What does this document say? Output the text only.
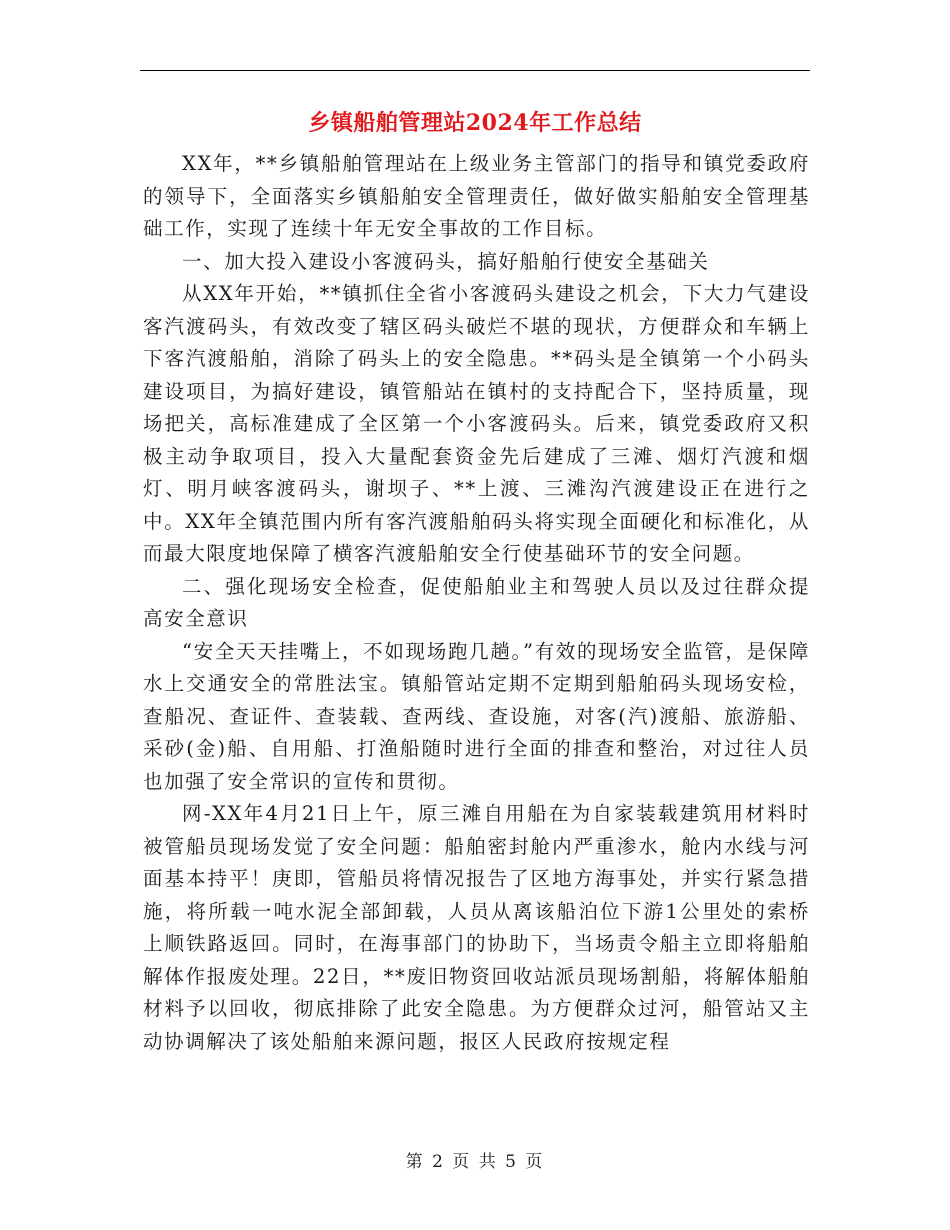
乡镇船舶管理站2024年工作总结

XX年，**乡镇船舶管理站在上级业务主管部门的指导和镇党委政府的领导下，全面落实乡镇船舶安全管理责任，做好做实船舶安全管理基础工作，实现了连续十年无安全事故的工作目标。

一、加大投入建设小客渡码头，搞好船舶行使安全基础关

从XX年开始，**镇抓住全省小客渡码头建设之机会，下大力气建设客汽渡码头，有效改变了辖区码头破烂不堪的现状，方便群众和车辆上下客汽渡船舶，消除了码头上的安全隐患。**码头是全镇第一个小码头建设项目，为搞好建设，镇管船站在镇村的支持配合下，坚持质量，现场把关，高标准建成了全区第一个小客渡码头。后来，镇党委政府又积极主动争取项目，投入大量配套资金先后建成了三滩、烟灯汽渡和烟灯、明月峡客渡码头，谢坝子、**上渡、三滩沟汽渡建设正在进行之中。XX年全镇范围内所有客汽渡船舶码头将实现全面硬化和标准化，从而最大限度地保障了横客汽渡船舶安全行使基础环节的安全问题。

二、强化现场安全检查，促使船舶业主和驾驶人员以及过往群众提高安全意识

“安全天天挂嘴上，不如现场跑几趟。”有效的现场安全监管，是保障水上交通安全的常胜法宝。镇船管站定期不定期到船舶码头现场安检，查船况、查证件、查装载、查两线、查设施，对客(汽)渡船、旅游船、采砂(金)船、自用船、打渔船随时进行全面的排查和整治，对过往人员也加强了安全常识的宣传和贯彻。

网-XX年4月21日上午，原三滩自用船在为自家装载建筑用材料时被管船员现场发觉了安全问题：船舶密封舱内严重渗水，舱内水线与河面基本持平！庚即，管船员将情况报告了区地方海事处，并实行紧急措施，将所载一吨水泥全部卸载，人员从离该船泊位下游1公里处的索桥上顺铁路返回。同时，在海事部门的协助下，当场责令船主立即将船舶解体作报废处理。22日，**废旧物资回收站派员现场割船，将解体船舶材料予以回收，彻底排除了此安全隐患。为方便群众过河，船管站又主动协调解决了该处船舶来源问题，报区人民政府按规定程

第 2 页 共 5 页
